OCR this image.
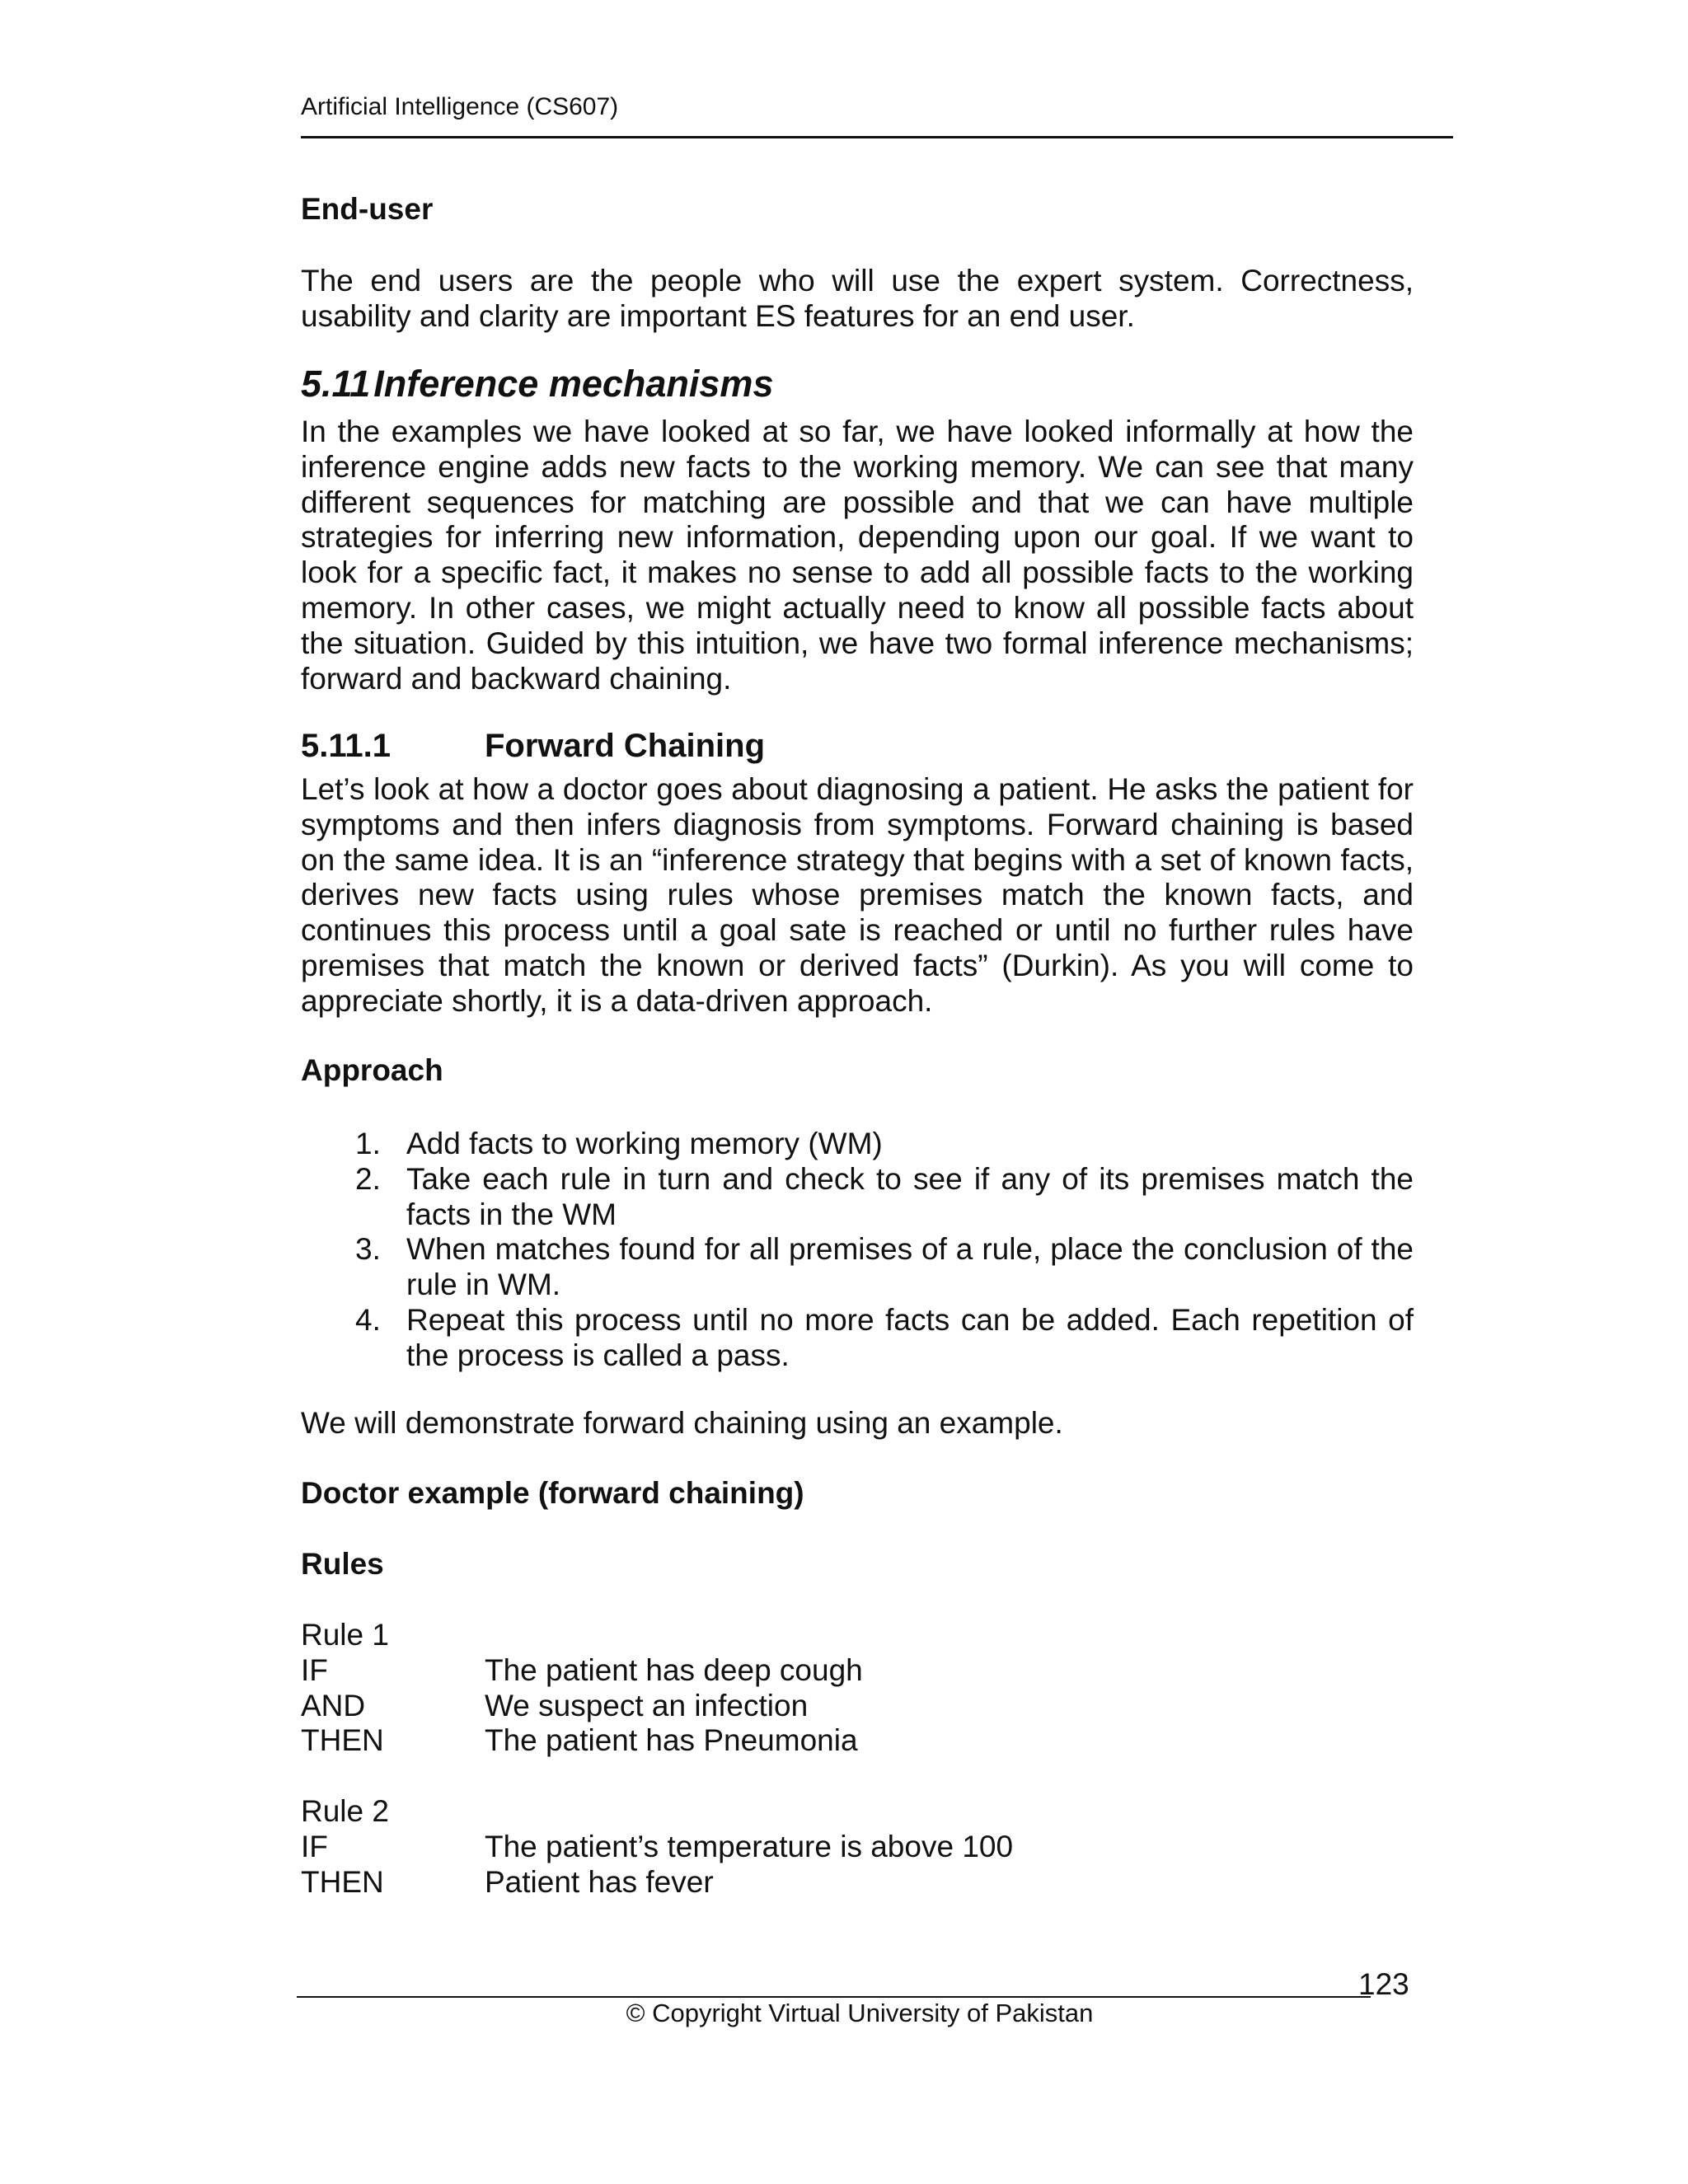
Artificial Intelligence (CS607)
End-user
The end users are the people who will use the expert system. Correctness, usability and clarity are important ES features for an end user.
5.11Inference mechanisms
In the examples we have looked at so far, we have looked informally at how the inference engine adds new facts to the working memory. We can see that many different sequences for matching are possible and that we can have multiple strategies for inferring new information, depending upon our goal. If we want to look for a specific fact, it makes no sense to add all possible facts to the working memory. In other cases, we might actually need to know all possible facts about the situation. Guided by this intuition, we have two formal inference mechanisms; forward and backward chaining.
5.11.1	Forward Chaining
Let’s look at how a doctor goes about diagnosing a patient. He asks the patient for symptoms and then infers diagnosis from symptoms. Forward chaining is based on the same idea. It is an “inference strategy that begins with a set of known facts, derives new facts using rules whose premises match the known facts, and continues this process until a goal sate is reached or until no further rules have premises that match the known or derived facts” (Durkin). As you will come to appreciate shortly, it is a data-driven approach.
Approach
1. Add facts to working memory (WM)
2. Take each rule in turn and check to see if any of its premises match the facts in the WM
3. When matches found for all premises of a rule, place the conclusion of the rule in WM.
4. Repeat this process until no more facts can be added. Each repetition of the process is called a pass.
We will demonstrate forward chaining using an example.
Doctor example (forward chaining)
Rules
Rule 1
IF	The patient has deep cough
AND	We suspect an infection
THEN	The patient has Pneumonia
Rule 2
IF	The patient’s temperature is above 100
THEN	Patient has fever
123
© Copyright Virtual University of Pakistan
